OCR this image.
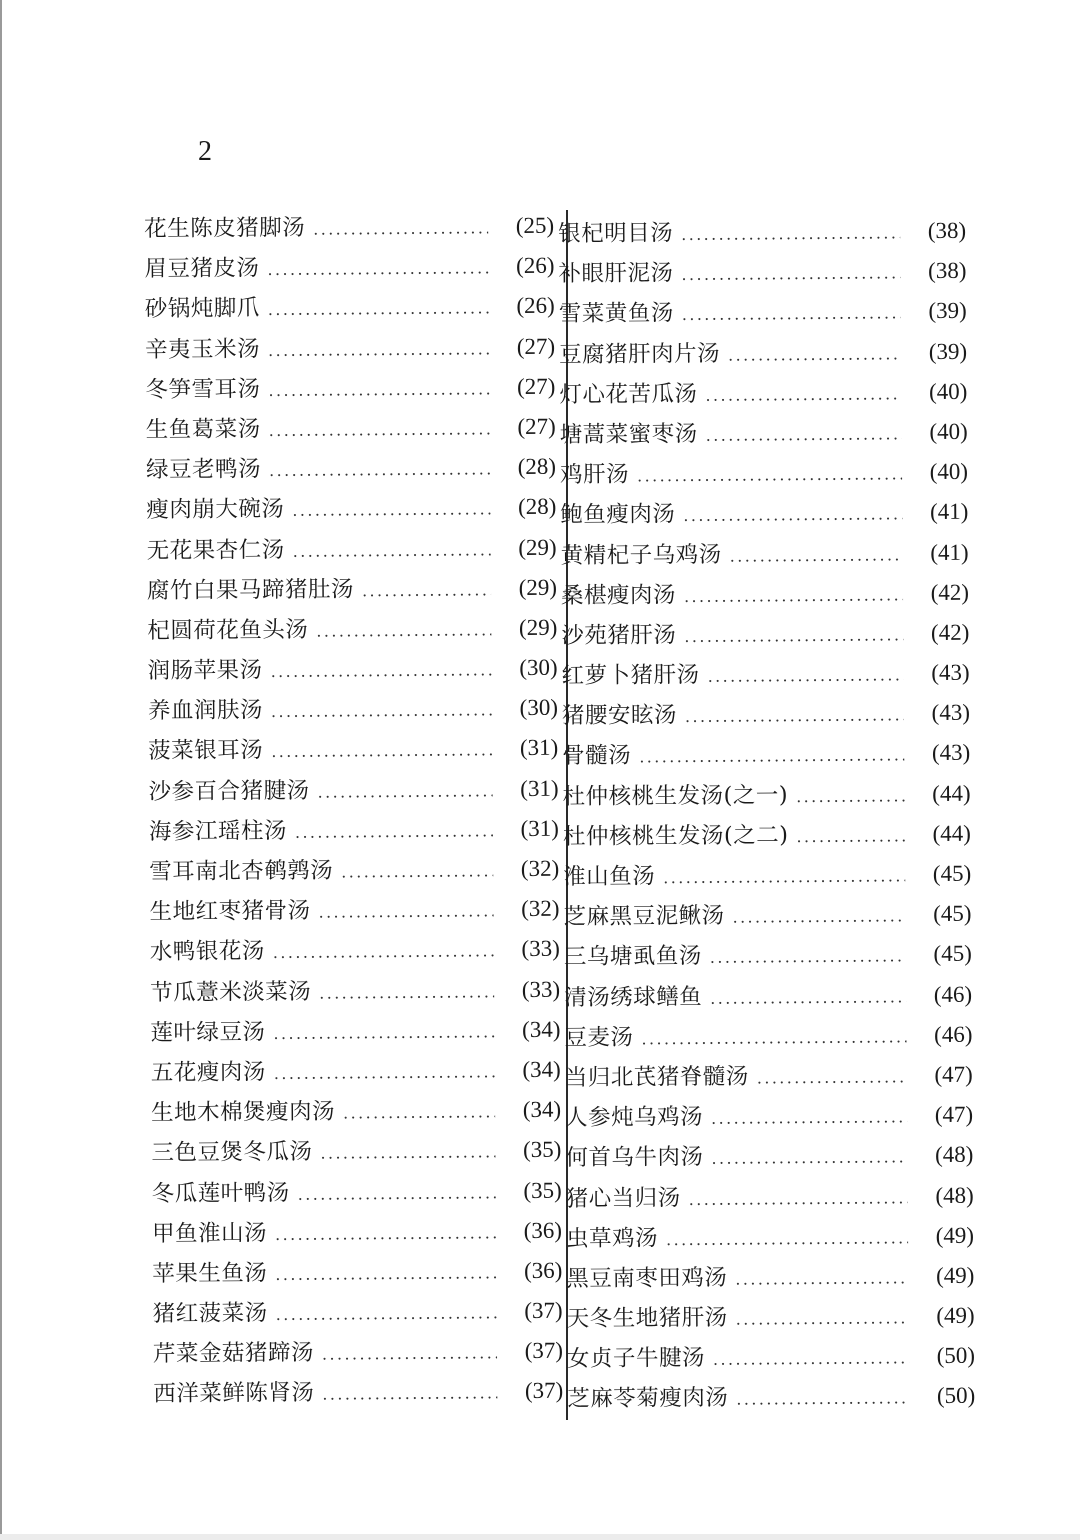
2
花生陈皮猪脚汤 .....	(25)
眉豆猪皮汤 .....	(26)
砂锅炖脚爪 .....	(26)
辛夷玉米汤 .....	(27)
冬笋雪耳汤 .....	(27)
生鱼葛菜汤 .....	(27)
绿豆老鸭汤 .....	(28)
瘦肉崩大碗汤 .....	(28)
无花果杏仁汤 .....	(29)
腐竹白果马蹄猪肚汤 .....	(29)
杞圆荷花鱼头汤 .....	(29)
润肠苹果汤 .....	(30)
养血润肤汤 .....	(30)
菠菜银耳汤 .....	(31)
沙参百合猪腱汤 .....	(31)
海参江瑶柱汤 .....	(31)
雪耳南北杏鹌鹑汤 .....	(32)
生地红枣猪骨汤 .....	(32)
水鸭银花汤 .....	(33)
节瓜薏米淡菜汤 .....	(33)
莲叶绿豆汤 .....	(34)
五花瘦肉汤 .....	(34)
生地木棉煲瘦肉汤 .....	(34)
三色豆煲冬瓜汤 .....	(35)
冬瓜莲叶鸭汤 .....	(35)
甲鱼淮山汤 .....	(36)
苹果生鱼汤 .....	(36)
猪红菠菜汤 .....	(37)
芹菜金菇猪蹄汤 .....	(37)
西洋菜鲜陈肾汤 .....	(37)
银杞明目汤 .....	(38)
补眼肝泥汤 .....	(38)
雪菜黄鱼汤 .....	(39)
豆腐猪肝肉片汤 .....	(39)
灯心花苦瓜汤 .....	(40)
塘蒿菜蜜枣汤 .....	(40)
鸡肝汤 .....	(40)
鲍鱼瘦肉汤 .....	(41)
黄精杞子乌鸡汤 .....	(41)
桑椹瘦肉汤 .....	(42)
沙苑猪肝汤 .....	(42)
红萝卜猪肝汤 .....	(43)
猪腰安眩汤 .....	(43)
骨髓汤 .....	(43)
杜仲核桃生发汤(之一) .....	(44)
杜仲核桃生发汤(之二) .....	(44)
淮山鱼汤 .....	(45)
芝麻黑豆泥鳅汤 .....	(45)
三乌塘虱鱼汤 .....	(45)
清汤绣球鳝鱼 .....	(46)
豆麦汤 .....	(46)
当归北芪猪脊髓汤 .....	(47)
人参炖乌鸡汤 .....	(47)
何首乌牛肉汤 .....	(48)
猪心当归汤 .....	(48)
虫草鸡汤 .....	(49)
黑豆南枣田鸡汤 .....	(49)
天冬生地猪肝汤 .....	(49)
女贞子牛腱汤 .....	(50)
芝麻苓菊瘦肉汤 .....	(50)
